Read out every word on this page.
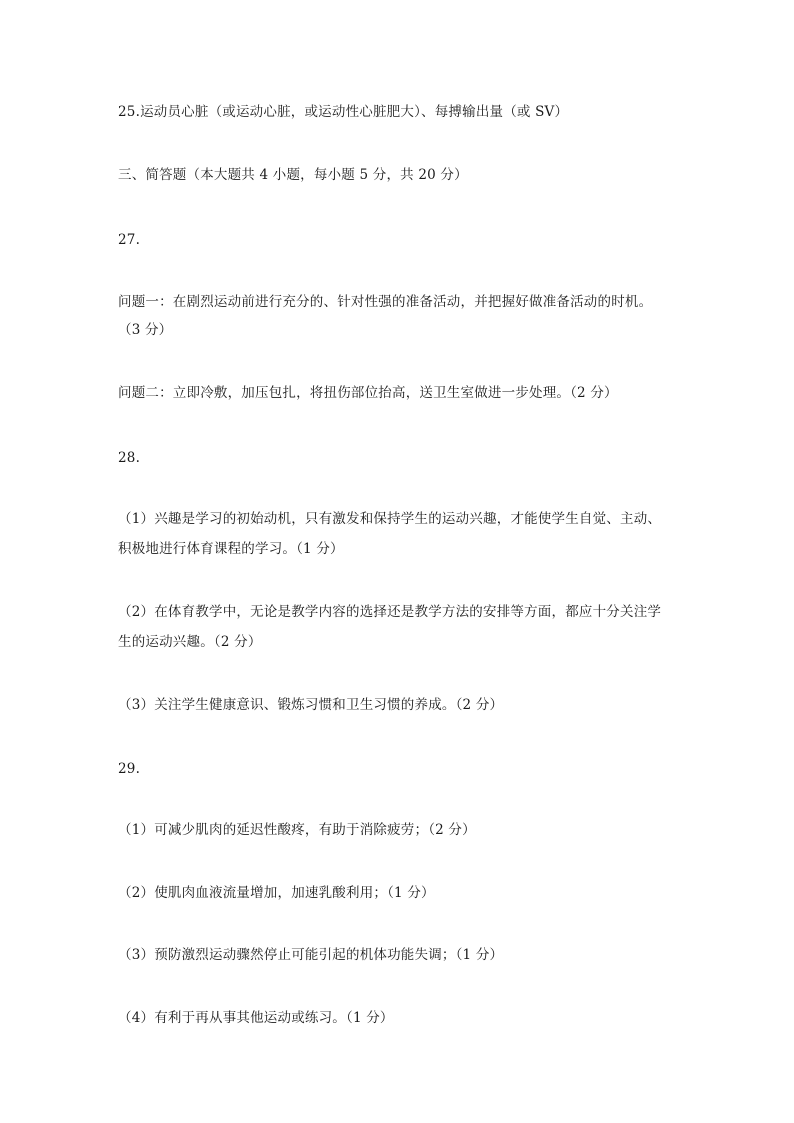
25.运动员心脏（或运动心脏，或运动性心脏肥大）、每搏输出量（或 SV）
三、简答题（本大题共 4 小题，每小题 5 分，共 20 分）
27.
问题一：在剧烈运动前进行充分的、针对性强的准备活动，并把握好做准备活动的时机。
（3 分）
问题二：立即冷敷，加压包扎，将扭伤部位抬高，送卫生室做进一步处理。（2 分）
28.
（1）兴趣是学习的初始动机，只有激发和保持学生的运动兴趣，才能使学生自觉、主动、
积极地进行体育课程的学习。（1 分）
（2）在体育教学中，无论是教学内容的选择还是教学方法的安排等方面，都应十分关注学
生的运动兴趣。（2 分）
（3）关注学生健康意识、锻炼习惯和卫生习惯的养成。（2 分）
29.
（1）可减少肌肉的延迟性酸疼，有助于消除疲劳；（2 分）
（2）使肌肉血液流量增加，加速乳酸利用；（1 分）
（3）预防激烈运动骤然停止可能引起的机体功能失调；（1 分）
（4）有利于再从事其他运动或练习。（1 分）
